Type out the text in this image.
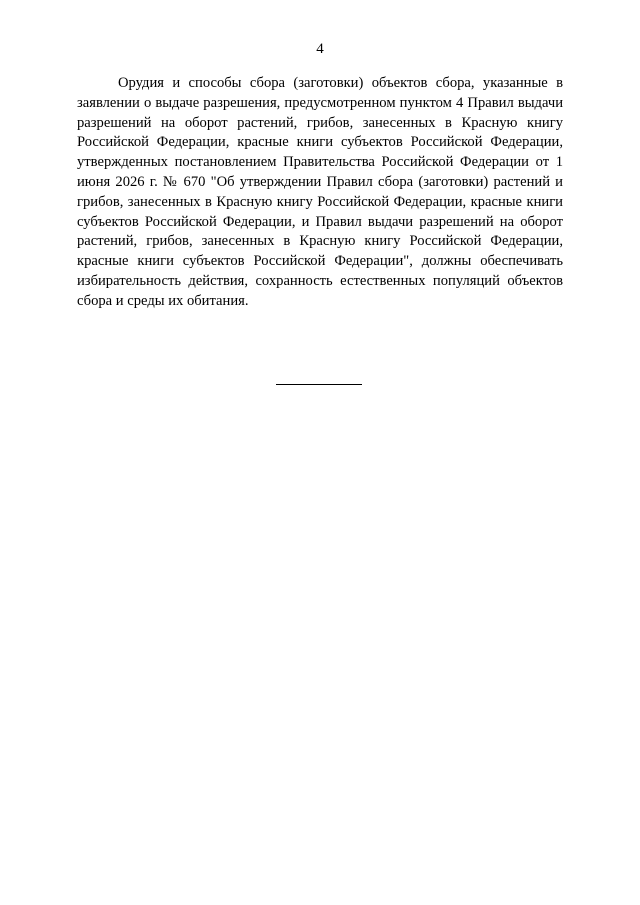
4

Орудия и способы сбора (заготовки) объектов сбора, указанные в заявлении о выдаче разрешения, предусмотренном пунктом 4 Правил выдачи разрешений на оборот растений, грибов, занесенных в Красную книгу Российской Федерации, красные книги субъектов Российской Федерации, утвержденных постановлением Правительства Российской Федерации от 1 июня 2026 г. № 670 "Об утверждении Правил сбора (заготовки) растений и грибов, занесенных в Красную книгу Российской Федерации, красные книги субъектов Российской Федерации, и Правил выдачи разрешений на оборот растений, грибов, занесенных в Красную книгу Российской Федерации, красные книги субъектов Российской Федерации", должны обеспечивать избирательность действия, сохранность естественных популяций объектов сбора и среды их обитания.
